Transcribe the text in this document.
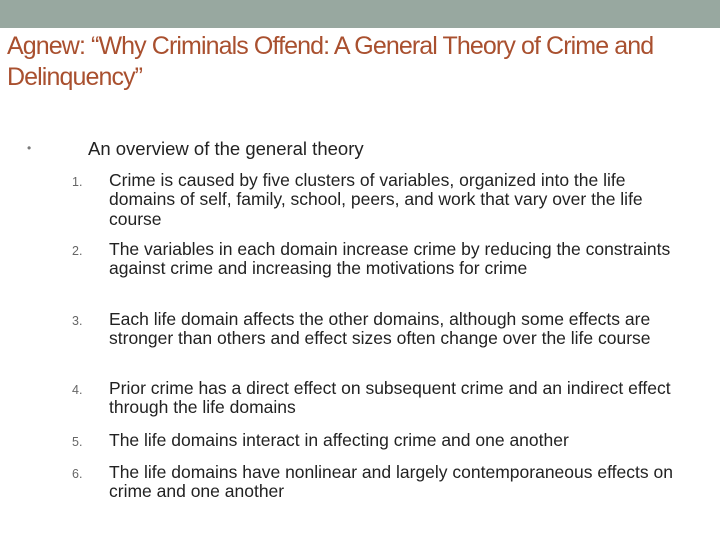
Agnew: “Why Criminals Offend: A General Theory of Crime and Delinquency”
•	An overview of the general theory
1. Crime is caused by five clusters of variables, organized into the life domains of self, family, school, peers, and work that vary over the life course
2. The variables in each domain increase crime by reducing the constraints against crime and increasing the motivations for crime
3. Each life domain affects the other domains, although some effects are stronger than others and effect sizes often change over the life course
4. Prior crime has a direct effect on subsequent crime and an indirect effect through the life domains
5. The life domains interact in affecting crime and one another
6. The life domains have nonlinear and largely contemporaneous effects on crime and one another
